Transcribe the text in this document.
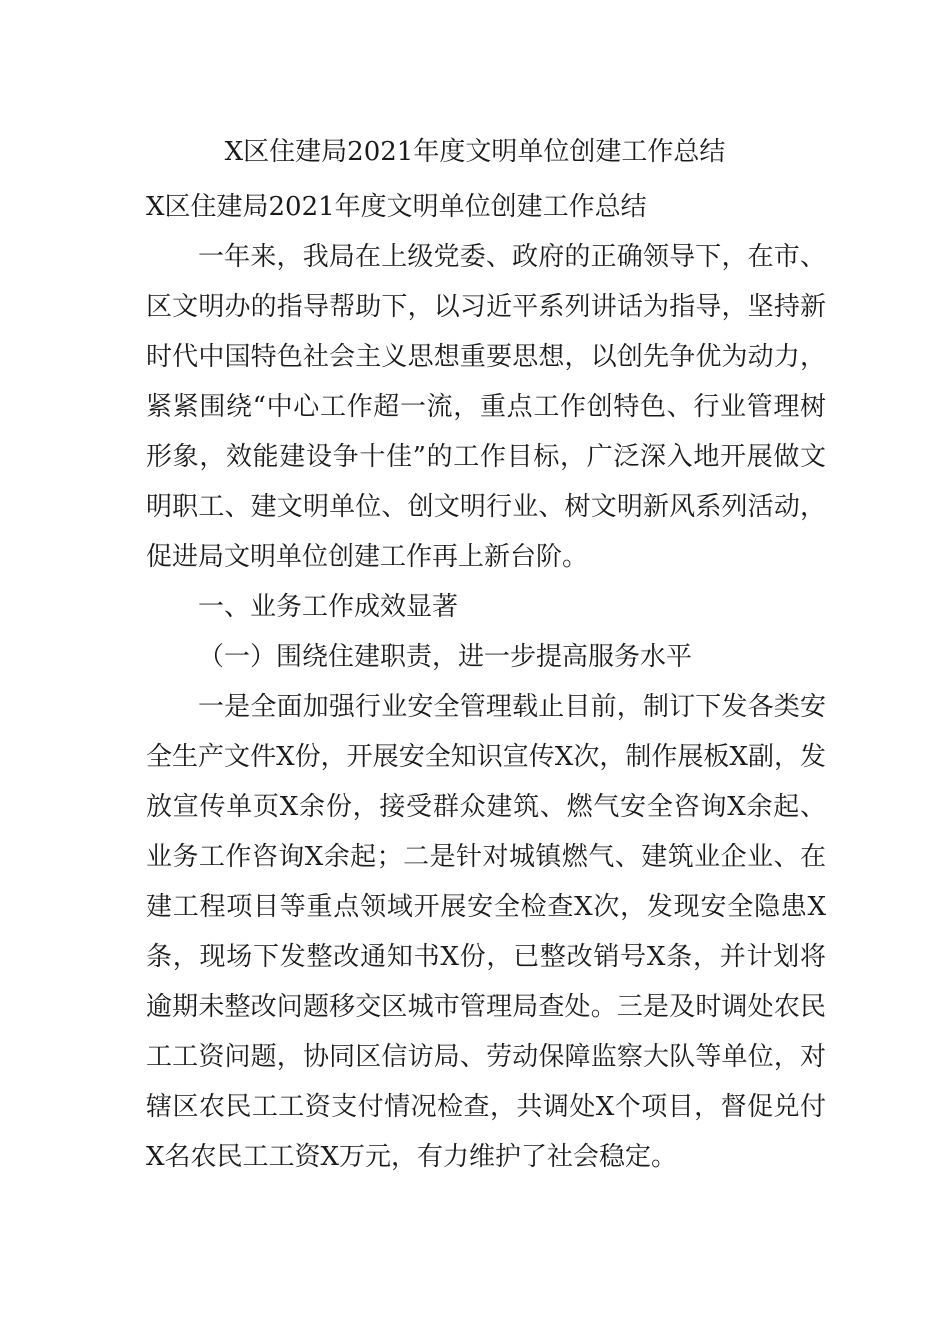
X区住建局2021年度文明单位创建工作总结

X区住建局2021年度文明单位创建工作总结

一年来，我局在上级党委、政府的正确领导下，在市、区文明办的指导帮助下，以习近平系列讲话为指导，坚持新时代中国特色社会主义思想重要思想，以创先争优为动力，紧紧围绕“中心工作超一流，重点工作创特色、行业管理树形象，效能建设争十佳”的工作目标，广泛深入地开展做文明职工、建文明单位、创文明行业、树文明新风系列活动，促进局文明单位创建工作再上新台阶。

一、业务工作成效显著

（一）围绕住建职责，进一步提高服务水平

一是全面加强行业安全管理载止目前，制订下发各类安全生产文件X份，开展安全知识宣传X次，制作展板X副，发放宣传单页X余份，接受群众建筑、燃气安全咨询X余起、业务工作咨询X余起；二是针对城镇燃气、建筑业企业、在建工程项目等重点领域开展安全检查X次，发现安全隐患X条，现场下发整改通知书X份，已整改销号X条，并计划将逾期未整改问题移交区城市管理局查处。三是及时调处农民工工资问题，协同区信访局、劳动保障监察大队等单位，对辖区农民工工资支付情况检查，共调处X个项目，督促兑付X名农民工工资X万元，有力维护了社会稳定。
